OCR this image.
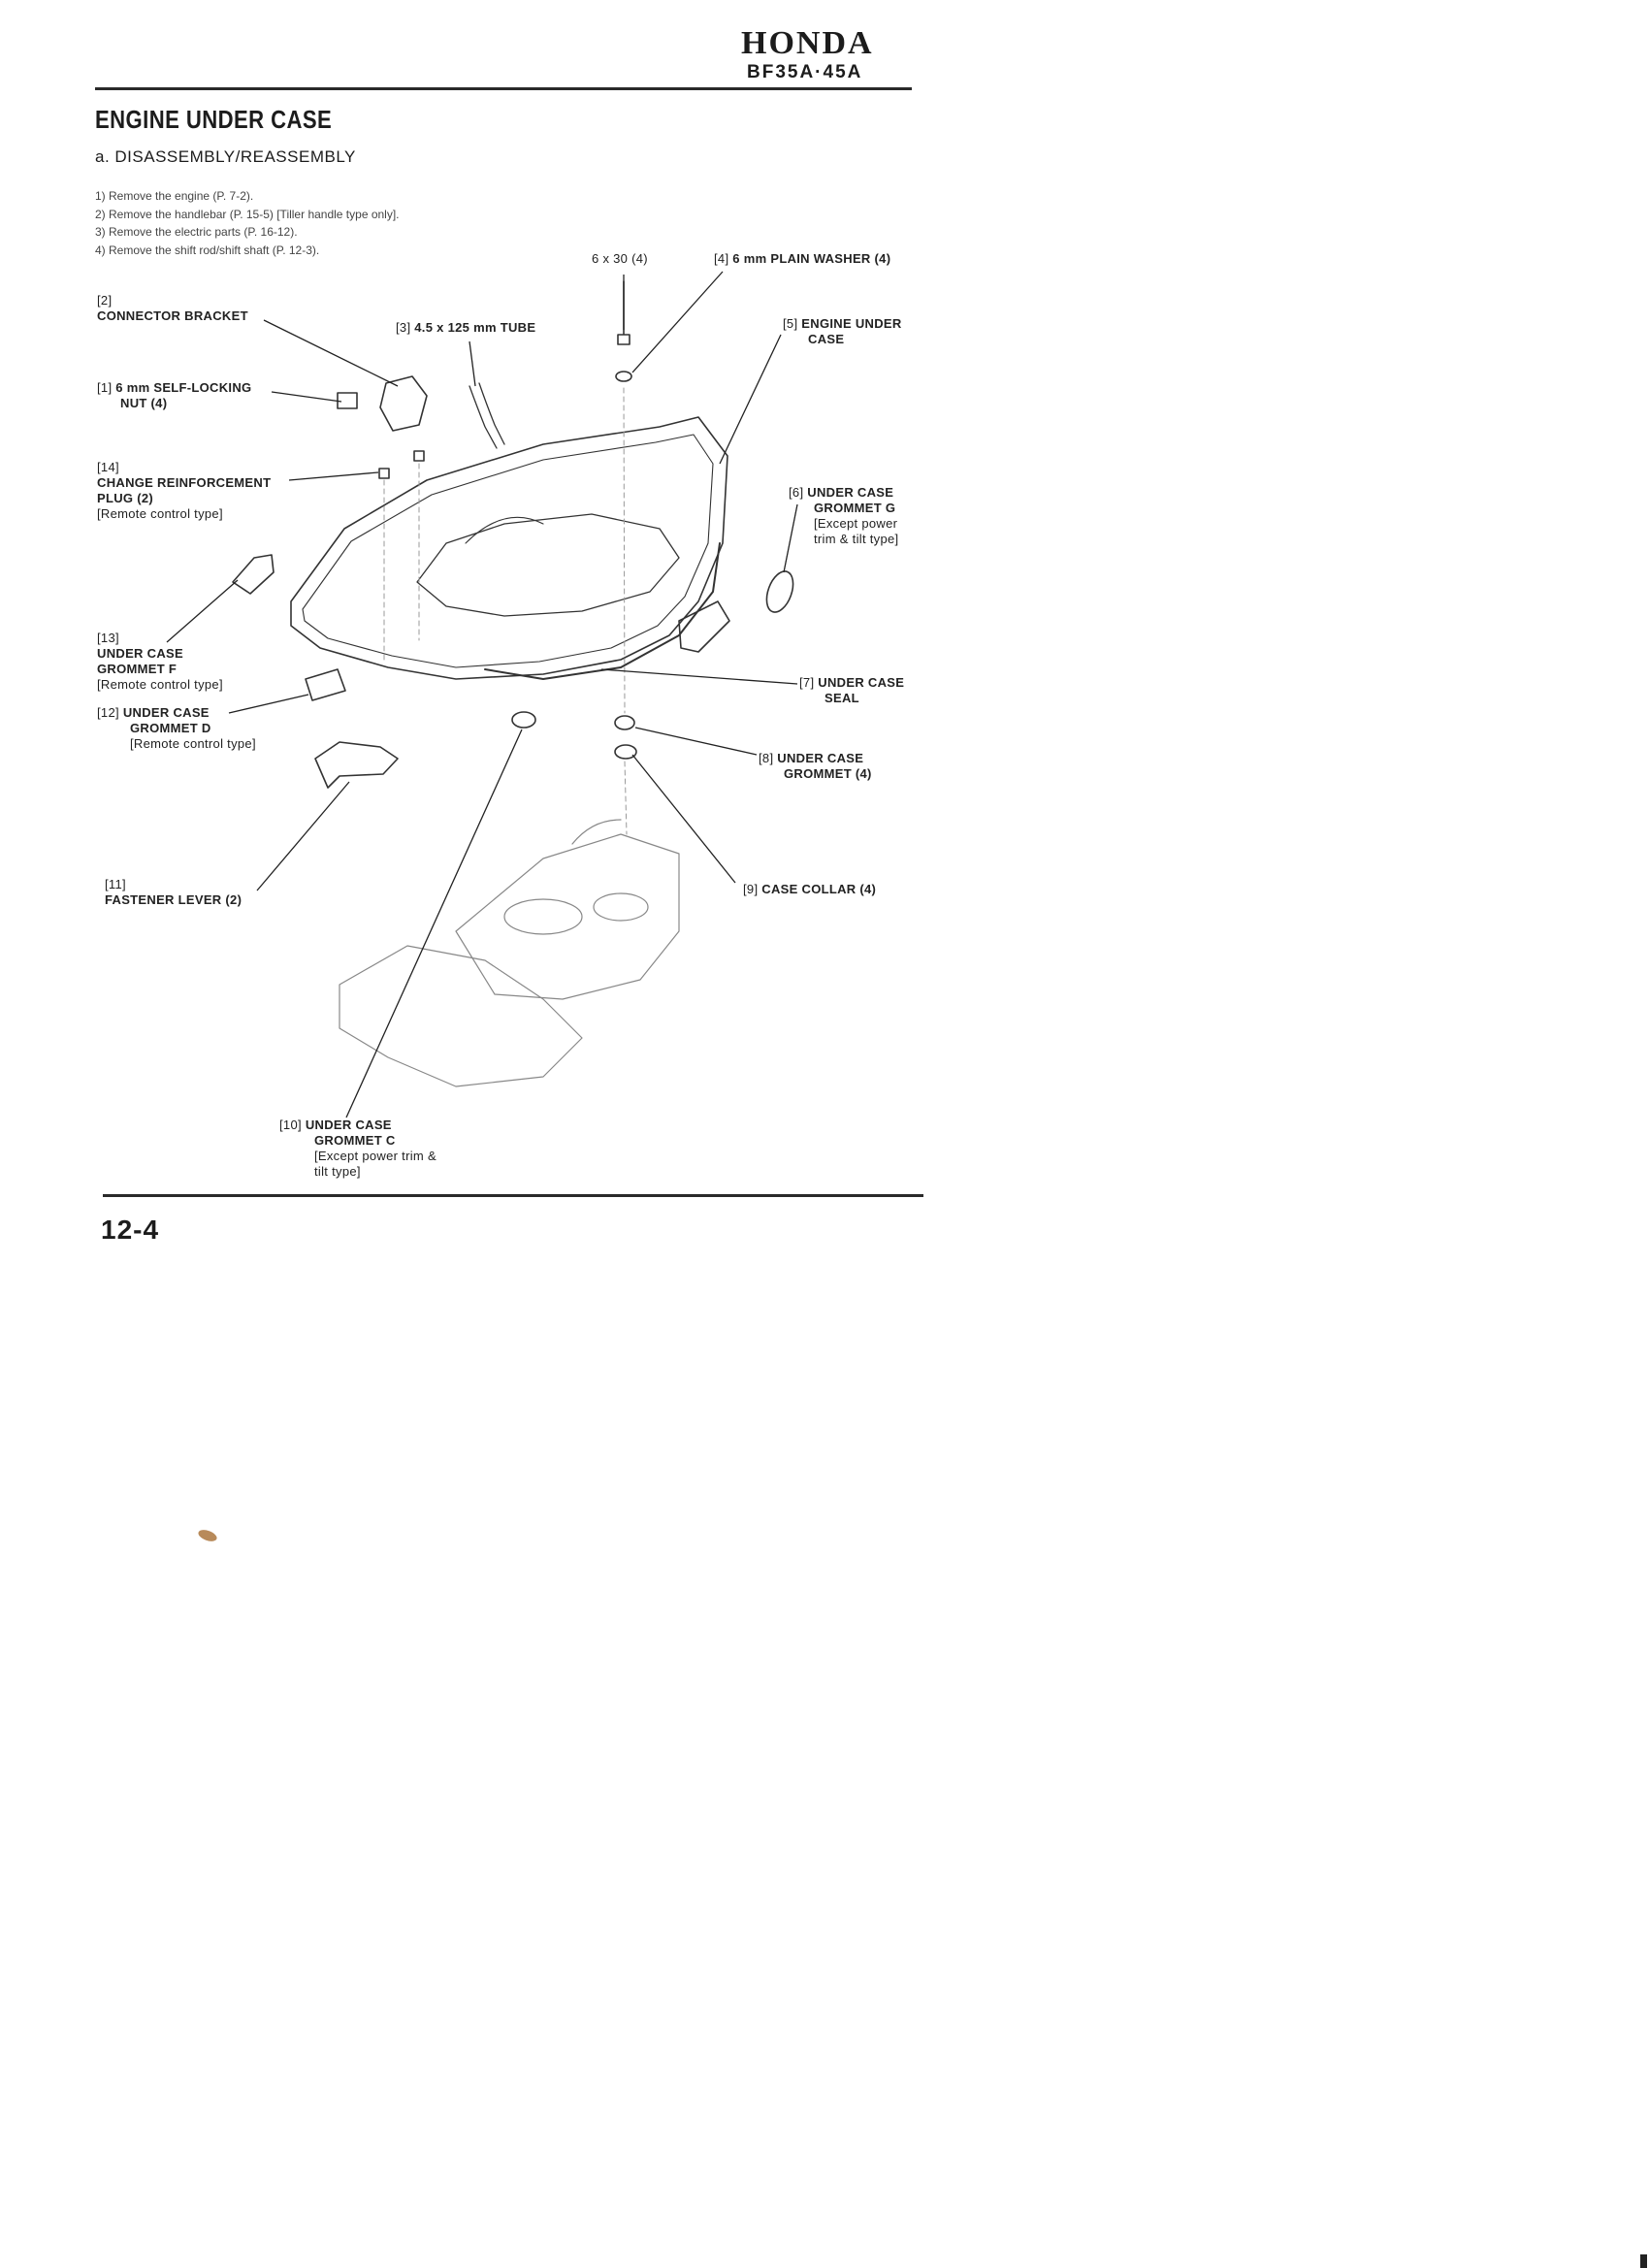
HONDA
BF35A·45A
ENGINE UNDER CASE
a. DISASSEMBLY/REASSEMBLY
1) Remove the engine (P. 7-2).
2) Remove the handlebar (P. 15-5) [Tiller handle type only].
3) Remove the electric parts (P. 16-12).
4) Remove the shift rod/shift shaft (P. 12-3).
[2]
CONNECTOR BRACKET
[3] 4.5 x 125 mm TUBE
6 x 30 (4)	[4] 6 mm PLAIN WASHER (4)
[5] ENGINE UNDER
CASE
[1] 6 mm SELF-LOCKING
NUT (4)
[14]
CHANGE REINFORCEMENT
PLUG (2)
[Remote control type]
[6] UNDER CASE
GROMMET G
[Except power
trim & tilt type]
[13]
UNDER CASE
GROMMET F
[Remote control type]	[7] UNDER CASE
SEAL
[12] UNDER CASE
GROMMET D
[Remote control type]
[8] UNDER CASE
GROMMET (4)
[9] CASE COLLAR (4)
[11]
FASTENER LEVER (2)
[10] UNDER CASE
GROMMET C
[Except power trim &
tilt type]
12-4
